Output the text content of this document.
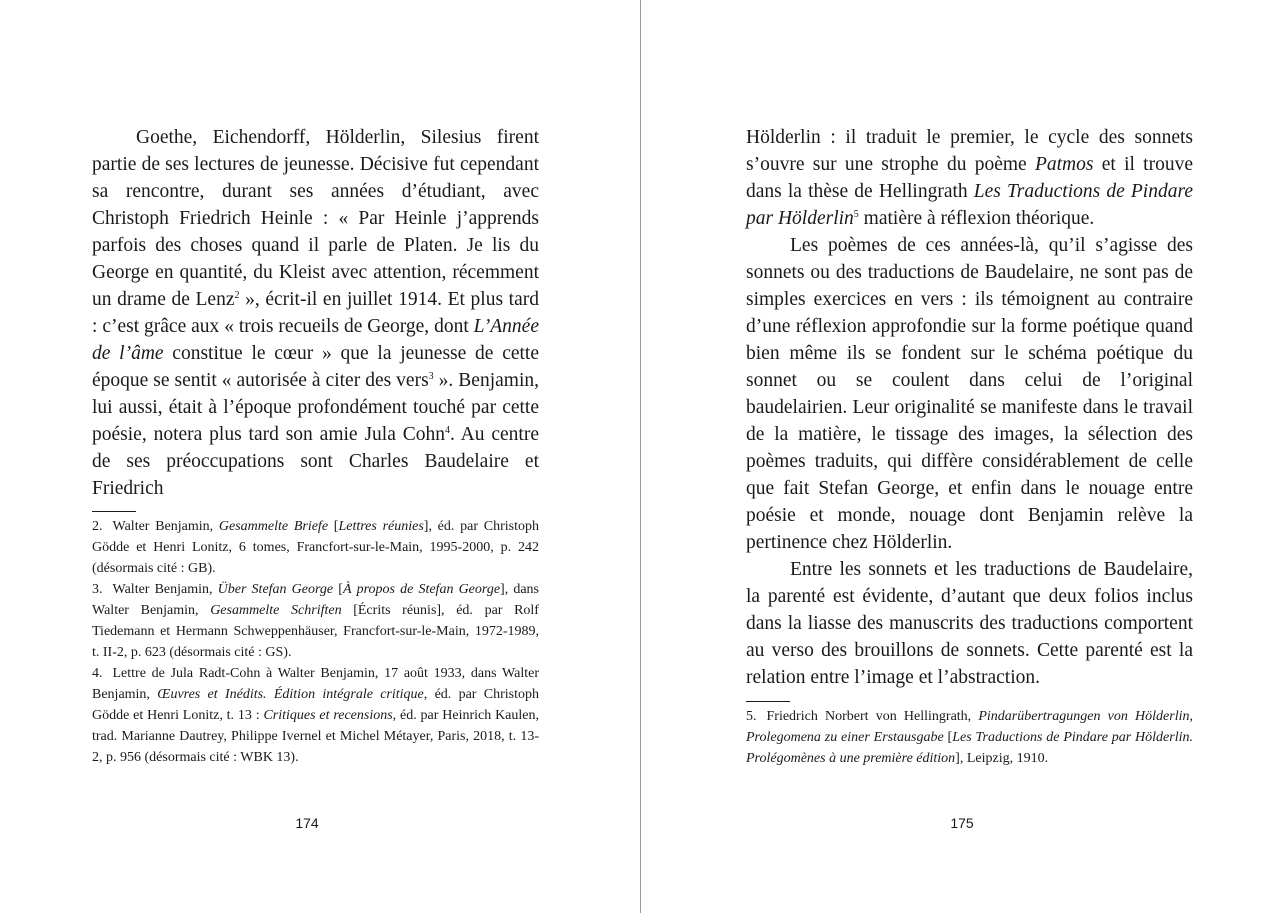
Goethe, Eichendorff, Hölderlin, Silesius firent partie de ses lectures de jeunesse. Décisive fut cependant sa rencontre, durant ses années d’étudiant, avec Christoph Friedrich Heinle : « Par Heinle j’apprends parfois des choses quand il parle de Platen. Je lis du George en quantité, du Kleist avec attention, récemment un drame de Lenz$^2$ », écrit-il en juillet 1914. Et plus tard : c’est grâce aux « trois recueils de George, dont L’Année de l’âme constitue le cœur » que la jeunesse de cette époque se sentit « autorisée à citer des vers$^3$ ». Benjamin, lui aussi, était à l’époque profondément touché par cette poésie, notera plus tard son amie Jula Cohn$^4$. Au centre de ses préoccupations sont Charles Baudelaire et Friedrich

2. Walter Benjamin, Gesammelte Briefe [Lettres réunies], éd. par Christoph Gödde et Henri Lonitz, 6 tomes, Francfort-sur-le-Main, 1995-2000, p. 242 (désormais cité : GB).

3. Walter Benjamin, Über Stefan George [À propos de Stefan George], dans Walter Benjamin, Gesammelte Schriften [Écrits réunis], éd. par Rolf Tiedemann et Hermann Schweppenhäuser, Francfort-sur-le-Main, 1972-1989, t. II-2, p. 623 (désormais cité : GS).

4. Lettre de Jula Radt-Cohn à Walter Benjamin, 17 août 1933, dans Walter Benjamin, Œuvres et Inédits. Édition intégrale critique, éd. par Christoph Gödde et Henri Lonitz, t. 13 : Critiques et recensions, éd. par Heinrich Kaulen, trad. Marianne Dautrey, Philippe Ivernel et Michel Métayer, Paris, 2018, t. 13-2, p. 956 (désormais cité : WBK 13).

174

Hölderlin : il traduit le premier, le cycle des sonnets s’ouvre sur une strophe du poème Patmos et il trouve dans la thèse de Hellingrath Les Traductions de Pindare par Hölderlin$^5$ matière à réflexion théorique.

Les poèmes de ces années-là, qu’il s’agisse des sonnets ou des traductions de Baudelaire, ne sont pas de simples exercices en vers : ils témoignent au contraire d’une réflexion approfondie sur la forme poétique quand bien même ils se fondent sur le schéma poétique du sonnet ou se coulent dans celui de l’original baudelairien. Leur originalité se manifeste dans le travail de la matière, le tissage des images, la sélection des poèmes traduits, qui diffère considérablement de celle que fait Stefan George, et enfin dans le nouage entre poésie et monde, nouage dont Benjamin relève la pertinence chez Hölderlin.

Entre les sonnets et les traductions de Baudelaire, la parenté est évidente, d’autant que deux folios inclus dans la liasse des manuscrits des traductions comportent au verso des brouillons de sonnets. Cette parenté est la relation entre l’image et l’abstraction.

5. Friedrich Norbert von Hellingrath, Pindarübertragungen von Hölderlin, Prolegomena zu einer Erstausgabe [Les Traductions de Pindare par Hölderlin. Prolégomènes à une première édition], Leipzig, 1910.

175
